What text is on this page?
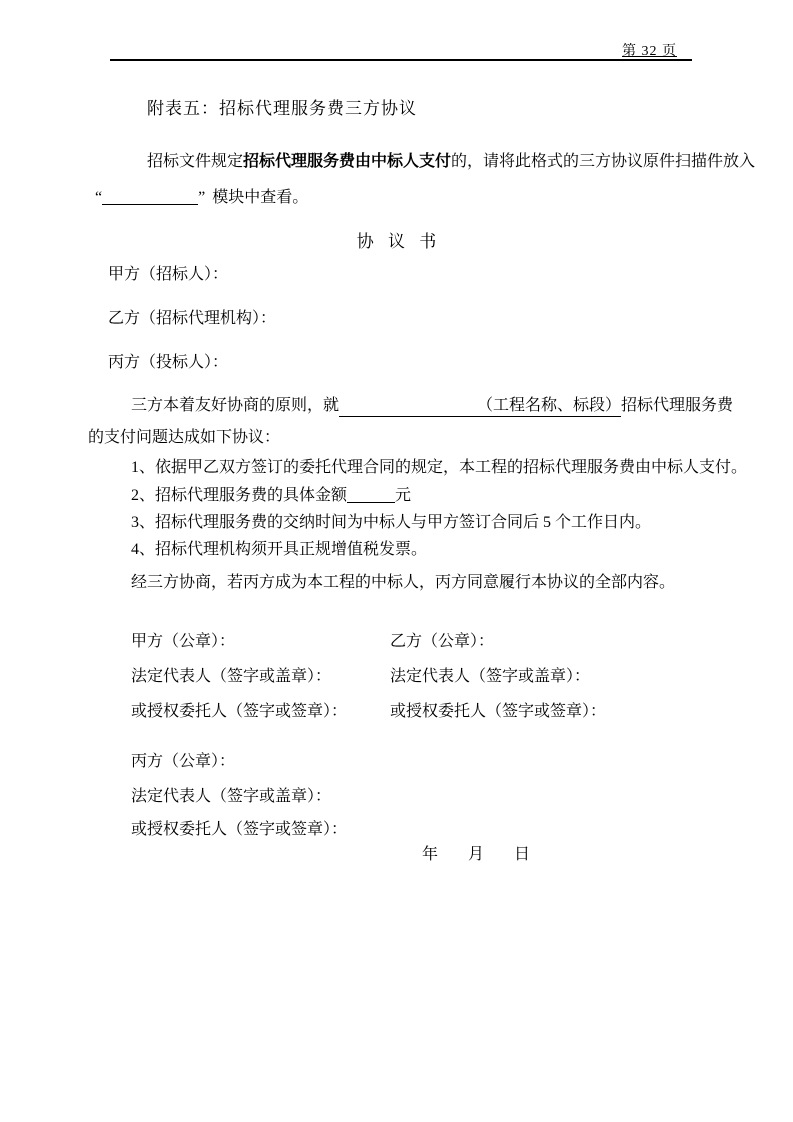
第 32 页
附表五：招标代理服务费三方协议
招标文件规定招标代理服务费由中标人支付的，请将此格式的三方协议原件扫描件放入
“	” 模块中查看。
协 议 书
甲方（招标人）：
乙方（招标代理机构）：
丙方（投标人）：
三方本着友好协商的原则，就	（工程名称、标段）招标代理服务费
的支付问题达成如下协议：
1、依据甲乙双方签订的委托代理合同的规定，本工程的招标代理服务费由中标人支付。
2、招标代理服务费的具体金额	元
3、招标代理服务费的交纳时间为中标人与甲方签订合同后 5 个工作日内。
4、招标代理机构须开具正规增值税发票。
经三方协商，若丙方成为本工程的中标人，丙方同意履行本协议的全部内容。
甲方（公章）：	乙方（公章）：
法定代表人（签字或盖章）：	法定代表人（签字或盖章）：
或授权委托人（签字或签章）：	或授权委托人（签字或签章）：
丙方（公章）：
法定代表人（签字或盖章）：
或授权委托人（签字或签章）：
年 月 日
